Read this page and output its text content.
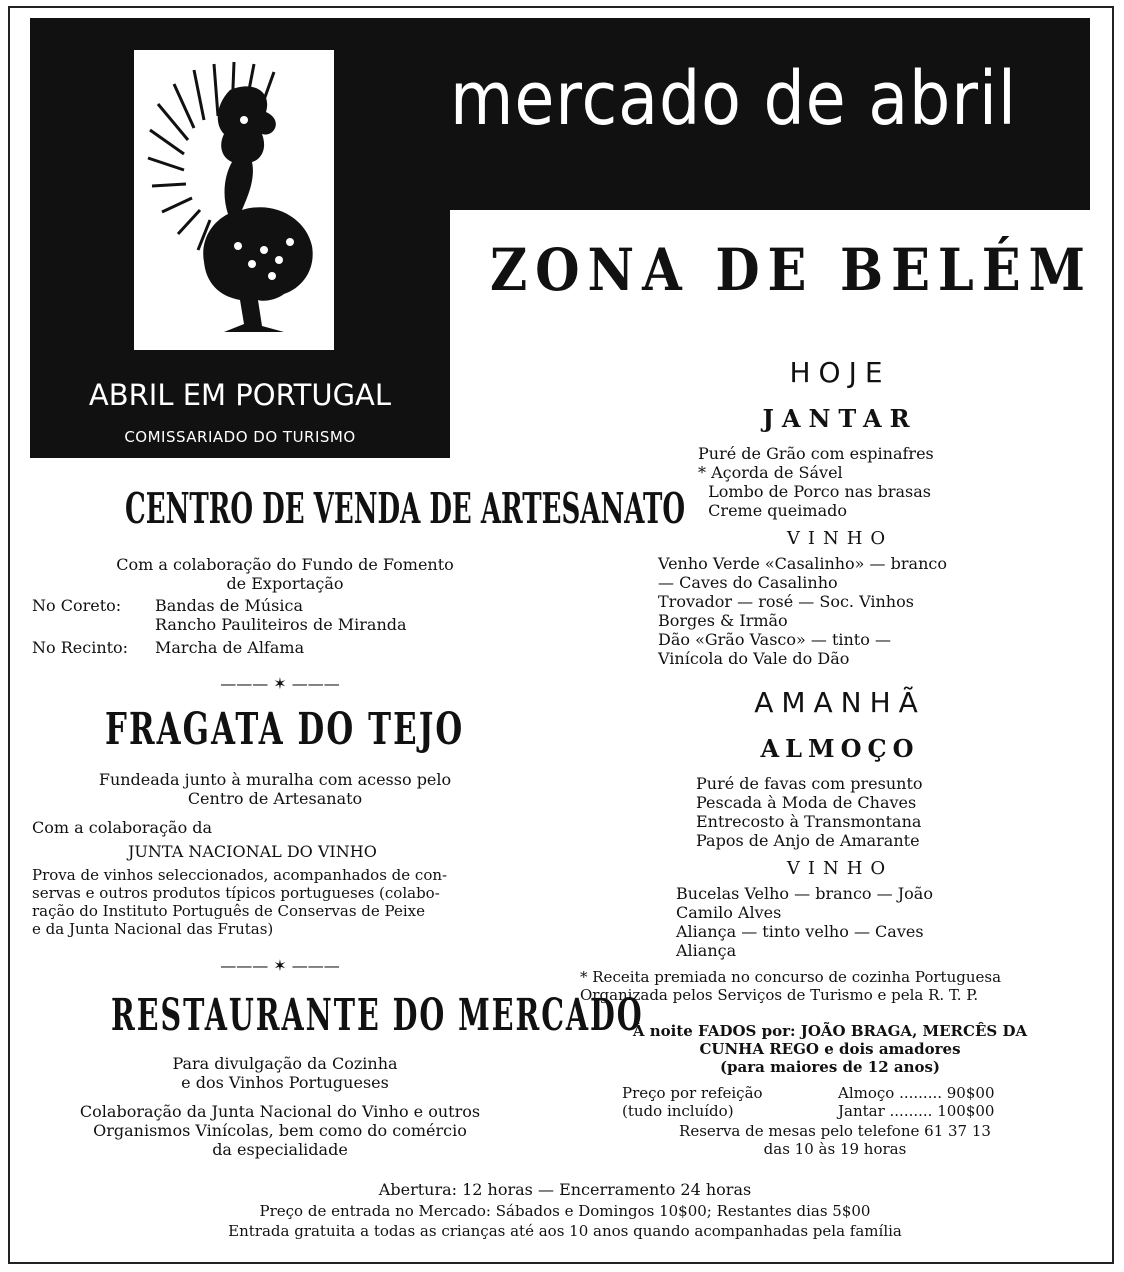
mercado de abril
ABRIL EM PORTUGAL
COMISSARIADO DO TURISMO
ZONA DE BELÉM
CENTRO DE VENDA DE ARTESANATO
Com a colaboração do Fundo de Fomento
de Exportação
No Coreto: Bandas de Música
Rancho Pauliteiros de Miranda
No Recinto: Marcha de Alfama
——— ✶ ———
FRAGATA DO TEJO
Fundeada junto à muralha com acesso pelo
Centro de Artesanato
Com a colaboração da
JUNTA NACIONAL DO VINHO
Prova de vinhos seleccionados, acompanhados de con-
servas e outros produtos típicos portugueses (colabo-
ração do Instituto Português de Conservas de Peixe
e da Junta Nacional das Frutas)
——— ✶ ———
RESTAURANTE DO MERCADO
Para divulgação da Cozinha
e dos Vinhos Portugueses
Colaboração da Junta Nacional do Vinho e outros
Organismos Vinícolas, bem como do comércio
da especialidade
HOJE
JANTAR
Puré de Grão com espinafres
* Açorda de Sável
Lombo de Porco nas brasas
Creme queimado
VINHO
Venho Verde «Casalinho» — branco
— Caves do Casalinho
Trovador — rosé — Soc. Vinhos
Borges & Irmão
Dão «Grão Vasco» — tinto —
Vinícola do Vale do Dão
AMANHÃ
ALMOÇO
Puré de favas com presunto
Pescada à Moda de Chaves
Entrecosto à Transmontana
Papos de Anjo de Amarante
VINHO
Bucelas Velho — branco — João
Camilo Alves
Aliança — tinto velho — Caves
Aliança
* Receita premiada no concurso de cozinha Portuguesa
Organizada pelos Serviços de Turismo e pela R. T. P.
À noite FADOS por: JOÃO BRAGA, MERCÊS DA
CUNHA REGO e dois amadores
(para maiores de 12 anos)
Preço por refeição
(tudo incluído)
Almoço ......... 90$00
Jantar ......... 100$00
Reserva de mesas pelo telefone 61 37 13
das 10 às 19 horas
Abertura: 12 horas — Encerramento 24 horas
Preço de entrada no Mercado: Sábados e Domingos 10$00; Restantes dias 5$00
Entrada gratuita a todas as crianças até aos 10 anos quando acompanhadas pela família
